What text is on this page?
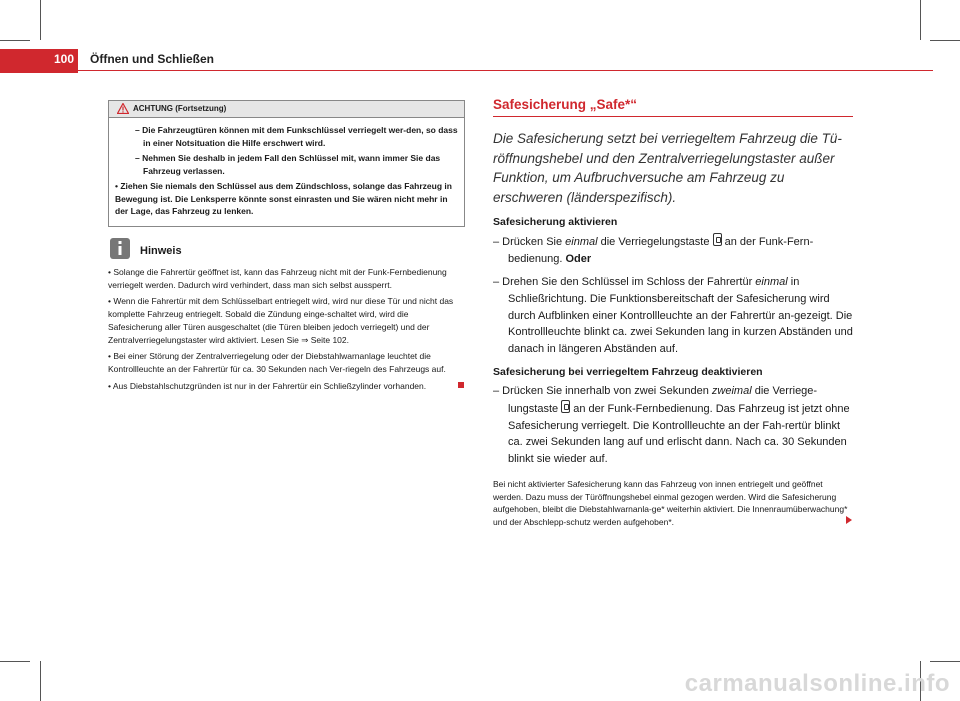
100	Öffnen und Schließen
ACHTUNG (Fortsetzung)

– Die Fahrzeugtüren können mit dem Funkschlüssel verriegelt wer-den, so dass in einer Notsituation die Hilfe erschwert wird.

– Nehmen Sie deshalb in jedem Fall den Schlüssel mit, wann immer Sie das Fahrzeug verlassen.

• Ziehen Sie niemals den Schlüssel aus dem Zündschloss, solange das Fahrzeug in Bewegung ist. Die Lenksperre könnte sonst einrasten und Sie wären nicht mehr in der Lage, das Fahrzeug zu lenken.

Hinweis

• Solange die Fahrertür geöffnet ist, kann das Fahrzeug nicht mit der Funk-Fernbedienung verriegelt werden. Dadurch wird verhindert, dass man sich selbst aussperrt.

• Wenn die Fahrertür mit dem Schlüsselbart entriegelt wird, wird nur diese Tür und nicht das komplette Fahrzeug entriegelt. Sobald die Zündung einge-schaltet wird, wird die Safesicherung aller Türen ausgeschaltet (die Türen bleiben jedoch verriegelt) und der Zentralverriegelungstaster wird aktiviert. Lesen Sie ⇒ Seite 102.

• Bei einer Störung der Zentralverriegelung oder der Diebstahlwarnanlage leuchtet die Kontrollleuchte an der Fahrertür für ca. 30 Sekunden nach Ver-riegeln des Fahrzeugs auf.

• Aus Diebstahlschutzgründen ist nur in der Fahrertür ein Schließzylinder vorhanden.

Safesicherung „Safe*“

Die Safesicherung setzt bei verriegeltem Fahrzeug die Tü-röffnungshebel und den Zentralverriegelungstaster außer Funktion, um Aufbruchversuche am Fahrzeug zu erschweren (länderspezifisch).

Safesicherung aktivieren

– Drücken Sie einmal die Verriegelungstaste  an der Funk-Fern-bedienung. Oder

– Drehen Sie den Schlüssel im Schloss der Fahrertür einmal in Schließrichtung. Die Funktionsbereitschaft der Safesicherung wird durch Aufblinken einer Kontrollleuchte an der Fahrertür an-gezeigt. Die Kontrollleuchte blinkt ca. zwei Sekunden lang in kurzen Abständen und danach in längeren Abständen auf.

Safesicherung bei verriegeltem Fahrzeug deaktivieren

– Drücken Sie innerhalb von zwei Sekunden zweimal die Verriege-lungstaste  an der Funk-Fernbedienung. Das Fahrzeug ist jetzt ohne Safesicherung verriegelt. Die Kontrollleuchte an der Fah-rertür blinkt ca. zwei Sekunden lang auf und erlischt dann. Nach ca. 30 Sekunden blinkt sie wieder auf.

Bei nicht aktivierter Safesicherung kann das Fahrzeug von innen entriegelt und geöffnet werden. Dazu muss der Türöffnungshebel einmal gezogen werden. Wird die Safesicherung aufgehoben, bleibt die Diebstahlwarnanla-ge* weiterhin aktiviert. Die Innenraumüberwachung* und der Abschlepp-schutz werden aufgehoben*.

carmanualsonline.info
